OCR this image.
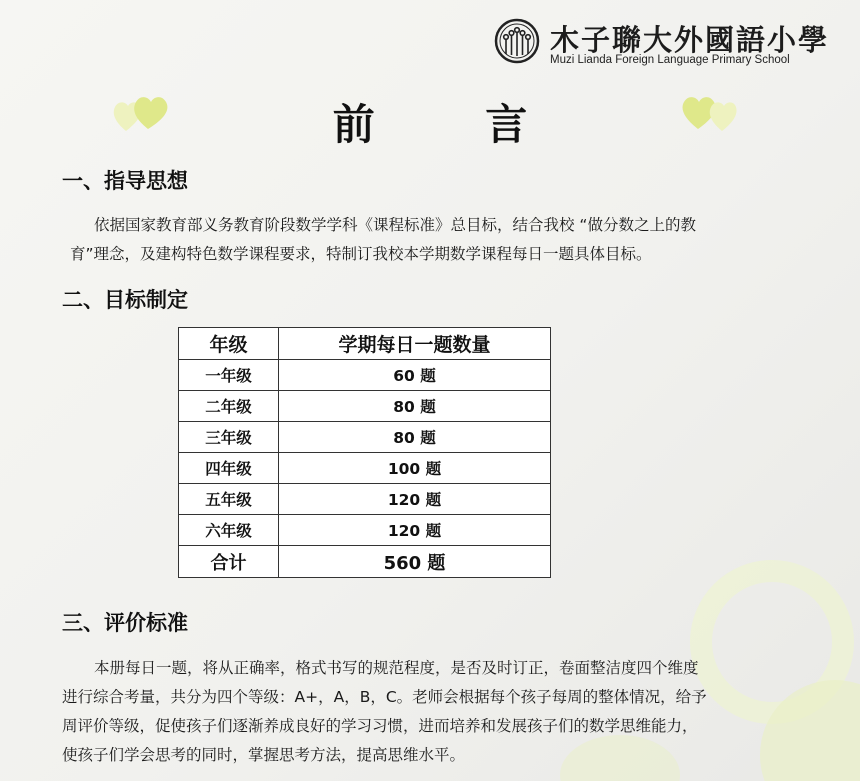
木子聯大外國語小學
Muzi Lianda Foreign Language Primary School
前 言
一、指导思想
依据国家教育部义务教育阶段数学学科《课程标准》总目标，结合我校 “做分数之上的教
育”理念，及建构特色数学课程要求，特制订我校本学期数学课程每日一题具体目标。
二、目标制定
年级	学期每日一题数量
一年级	60 题
二年级	80 题
三年级	80 题
四年级	100 题
五年级	120 题
六年级	120 题
合计	560 题
三、评价标准
本册每日一题，将从正确率，格式书写的规范程度，是否及时订正，卷面整洁度四个维度
进行综合考量，共分为四个等级：A+，A，B，C。老师会根据每个孩子每周的整体情况，给予
周评价等级，促使孩子们逐渐养成良好的学习习惯，进而培养和发展孩子们的数学思维能力，
使孩子们学会思考的同时，掌握思考方法，提高思维水平。
